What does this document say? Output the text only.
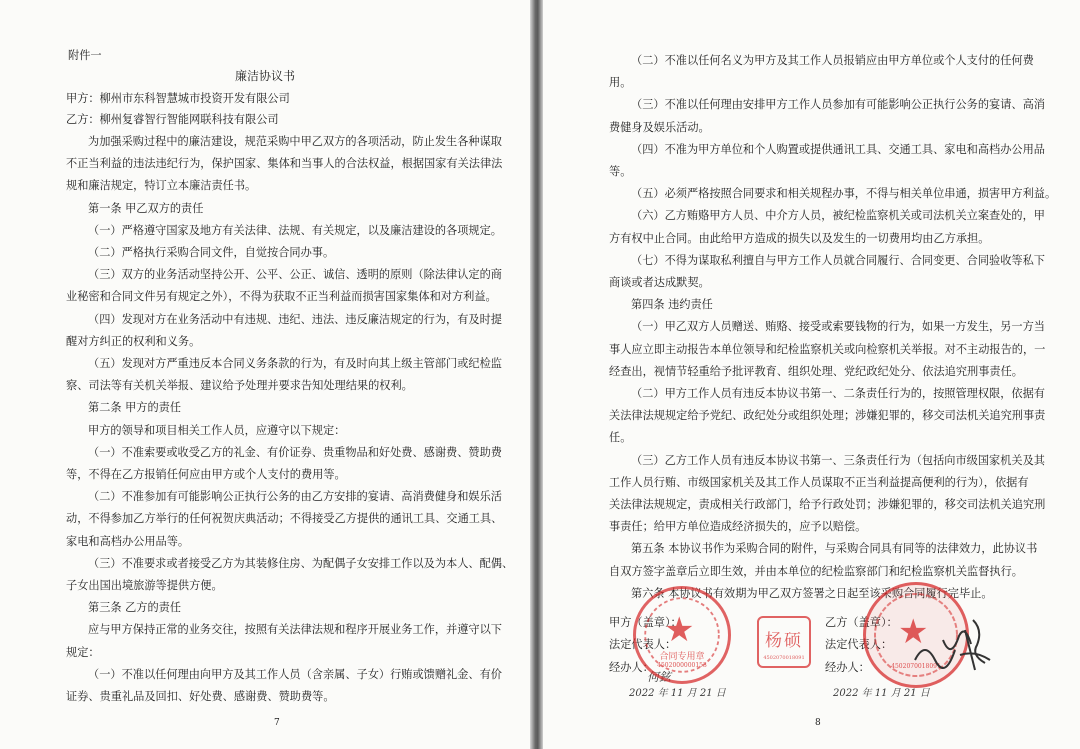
附件一
廉洁协议书
甲方：柳州市东科智慧城市投资开发有限公司
乙方：柳州复睿智行智能网联科技有限公司
为加强采购过程中的廉洁建设，规范采购中甲乙双方的各项活动，防止发生各种谋取
不正当利益的违法违纪行为，保护国家、集体和当事人的合法权益，根据国家有关法律法
规和廉洁规定，特订立本廉洁责任书。
第一条 甲乙双方的责任
（一）严格遵守国家及地方有关法律、法规、有关规定，以及廉洁建设的各项规定。
（二）严格执行采购合同文件，自觉按合同办事。
（三）双方的业务活动坚持公开、公平、公正、诚信、透明的原则（除法律认定的商
业秘密和合同文件另有规定之外），不得为获取不正当利益而损害国家集体和对方利益。
（四）发现对方在业务活动中有违规、违纪、违法、违反廉洁规定的行为，有及时提
醒对方纠正的权利和义务。
（五）发现对方严重违反本合同义务条款的行为，有及时向其上级主管部门或纪检监
察、司法等有关机关举报、建议给予处理并要求告知处理结果的权利。
第二条 甲方的责任
甲方的领导和项目相关工作人员，应遵守以下规定：
（一）不准索要或收受乙方的礼金、有价证券、贵重物品和好处费、感谢费、赞助费
等，不得在乙方报销任何应由甲方或个人支付的费用等。
（二）不准参加有可能影响公正执行公务的由乙方安排的宴请、高消费健身和娱乐活
动，不得参加乙方举行的任何祝贺庆典活动；不得接受乙方提供的通讯工具、交通工具、
家电和高档办公用品等。
（三）不准要求或者接受乙方为其装修住房、为配偶子女安排工作以及为本人、配偶、
子女出国出境旅游等提供方便。
第三条 乙方的责任
应与甲方保持正常的业务交往，按照有关法律法规和程序开展业务工作，并遵守以下
规定：
（一）不准以任何理由向甲方及其工作人员（含亲属、子女）行贿或馈赠礼金、有价
证券、贵重礼品及回扣、好处费、感谢费、赞助费等。
7
（二）不准以任何名义为甲方及其工作人员报销应由甲方单位或个人支付的任何费
用。
（三）不准以任何理由安排甲方工作人员参加有可能影响公正执行公务的宴请、高消
费健身及娱乐活动。
（四）不准为甲方单位和个人购置或提供通讯工具、交通工具、家电和高档办公用品
等。
（五）必须严格按照合同要求和相关规程办事，不得与相关单位串通，损害甲方利益。
（六）乙方贿赂甲方人员、中介方人员，被纪检监察机关或司法机关立案查处的，甲
方有权中止合同。由此给甲方造成的损失以及发生的一切费用均由乙方承担。
（七）不得为谋取私利擅自与甲方工作人员就合同履行、合同变更、合同验收等私下
商谈或者达成默契。
第四条 违约责任
（一）甲乙双方人员赠送、贿赂、接受或索要钱物的行为，如果一方发生，另一方当
事人应立即主动报告本单位领导和纪检监察机关或向检察机关举报。对不主动报告的，一
经查出，视情节轻重给予批评教育、组织处理、党纪政纪处分、依法追究刑事责任。
（二）甲方工作人员有违反本协议书第一、二条责任行为的，按照管理权限，依据有
关法律法规规定给予党纪、政纪处分或组织处理；涉嫌犯罪的，移交司法机关追究刑事责
任。
（三）乙方工作人员有违反本协议书第一、三条责任行为（包括向市级国家机关及其
工作人员行贿、市级国家机关及其工作人员谋取不正当利益提高便利的行为），依据有
关法律法规规定，责成相关行政部门，给予行政处罚；涉嫌犯罪的，移交司法机关追究刑
事责任；给甲方单位造成经济损失的，应予以赔偿。
第五条 本协议书作为采购合同的附件，与采购合同具有同等的法律效力，此协议书
自双方签字盖章后立即生效，并由本单位的纪检监察部门和纪检监察机关监督执行。
第六条 本协议书有效期为甲乙双方签署之日起至该采购合同履行完毕止。
甲方（盖章）：
法定代表人：
经办人：
乙方（盖章）：
法定代表人：
经办人：
何鉉
2022 年 11 月 21 日	2022 年 11 月 21 日
★
合同专用章
4502000000153
杨硕
4502070018091
★
4502070018091
8
